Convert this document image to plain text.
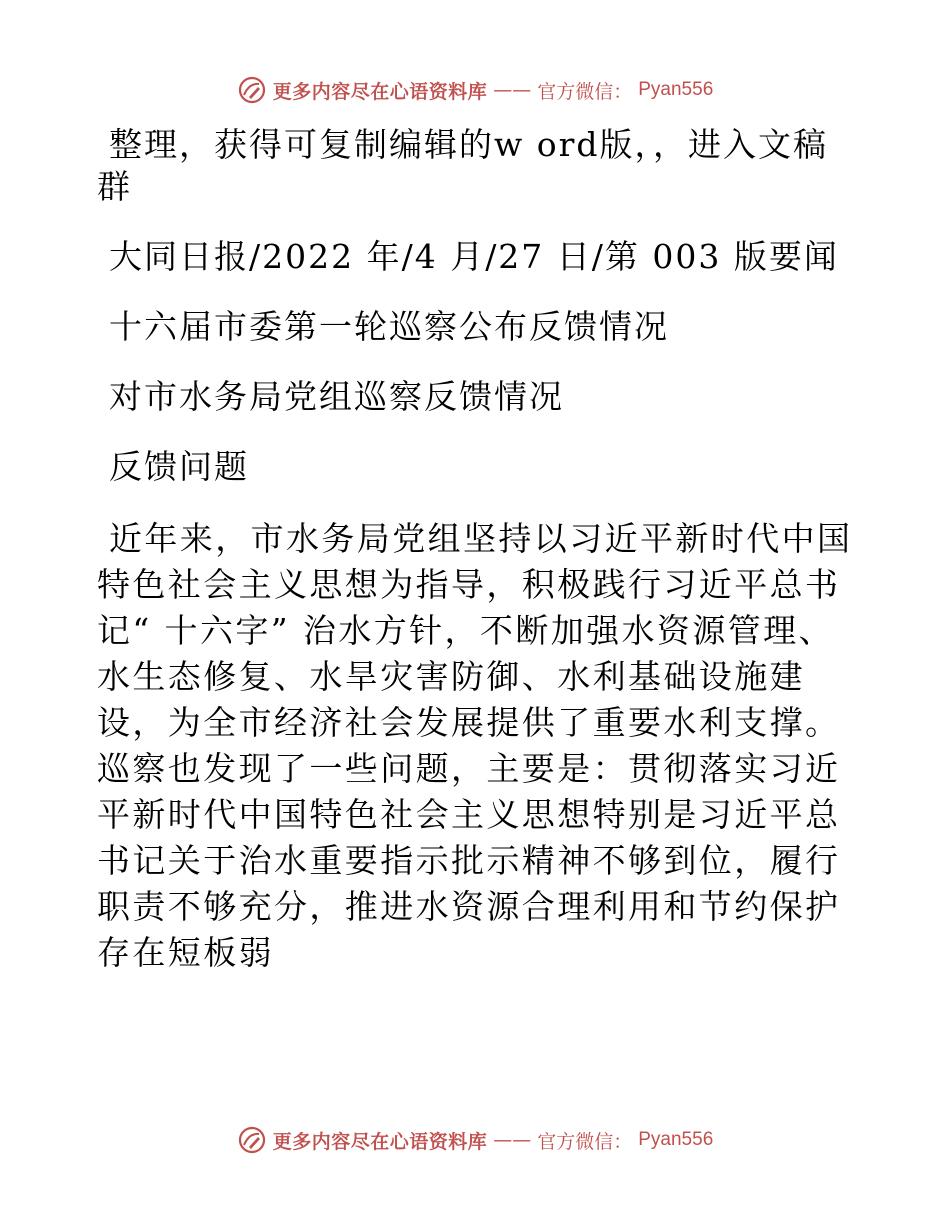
更多内容尽在心语资料库 —— 官方微信： Pyan556

整理，获得可复制编辑的w ord版，，进入文稿群

大同日报/2022 年/4 月/27 日/第 003 版要闻

十六届市委第一轮巡察公布反馈情况

对市水务局党组巡察反馈情况

反馈问题

近年来，市水务局党组坚持以习近平新时代中国特色社会主义思想为指导，积极践行习近平总书记“ 十六字” 治水方针，不断加强水资源管理、水生态修复、水旱灾害防御、水利基础设施建设，为全市经济社会发展提供了重要水利支撑。巡察也发现了一些问题，主要是：贯彻落实习近平新时代中国特色社会主义思想特别是习近平总书记关于治水重要指示批示精神不够到位，履行职责不够充分，推进水资源合理利用和节约保护存在短板弱

更多内容尽在心语资料库 —— 官方微信： Pyan556
